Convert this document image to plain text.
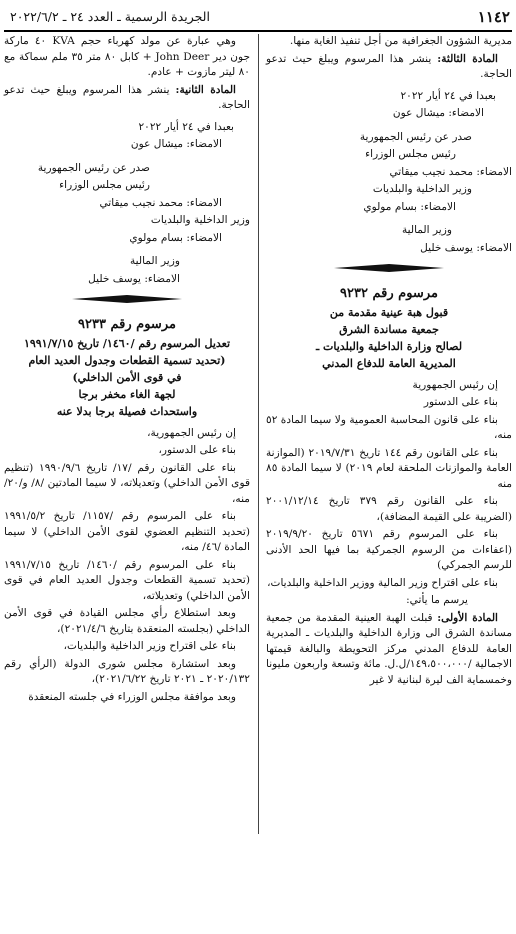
١١٤٢
الجريدة الرسمية ـ العدد ٢٤ ـ ٢٠٢٢/٦/٢

مديرية الشؤون الجغرافية من أجل تنفيذ الغاية منها.

المادة الثالثة: ينشر هذا المرسوم ويبلغ حيث تدعو الحاجة.

بعبدا في ٢٤ أيار ٢٠٢٢

الامضاء: ميشال عون

صدر عن رئيس الجمهورية

رئيس مجلس الوزراء

الامضاء: محمد نجيب ميقاتي

وزير الداخلية والبلديات

الامضاء: بسام مولوي

وزير المالية

الامضاء: يوسف خليل

مرسوم رقم ٩٢٣٢
قبول هبة عينية مقدمة من
جمعية مساندة الشرق
لصالح وزارة الداخلية والبلديات ـ
المديرية العامة للدفاع المدني

إن رئيس الجمهورية

بناء على الدستور

بناء على قانون المحاسبة العمومية ولا سيما المادة ٥٢ منه،

بناء على القانون رقم ١٤٤ تاريخ ٢٠١٩/٧/٣١ (الموازنة العامة والموازنات الملحقة لعام ٢٠١٩) لا سيما المادة ٨٥ منه

بناء على القانون رقم ٣٧٩ تاريخ ٢٠٠١/١٢/١٤ (الضريبة على القيمة المضافة)،

بناء على المرسوم رقم ٥٦٧١ تاريخ ٢٠١٩/٩/٢٠ (اعفاءات من الرسوم الجمركية بما فيها الحد الأدنى للرسم الجمركي)

بناء على اقتراح وزير المالية ووزير الداخلية والبلديات،

يرسم ما يأتي:

المادة الأولى: قبلت الهبة العينية المقدمة من جمعية مساندة الشرق الى وزارة الداخلية والبلديات ـ المديرية العامة للدفاع المدني مركز التحويطة والبالغة قيمتها الاجمالية /١٤٩،٥٠٠،٠٠٠/ل.ل. مائة وتسعة واربعون مليونا وخمسماية الف ليرة لبنانية لا غير

وهي عبارة عن مولد كهرباء حجم KVA ٤٠ ماركة جون دير John Deer + كابل ٨٠ متر ٣٥ ملم سماكة مع ٨٠ ليتر مازوت + عادم.

المادة الثانية: ينشر هذا المرسوم ويبلغ حيث تدعو الحاجة.

بعبدا في ٢٤ أيار ٢٠٢٢

الامضاء: ميشال عون

صدر عن رئيس الجمهورية

رئيس مجلس الوزراء

الامضاء: محمد نجيب ميقاتي

وزير الداخلية والبلديات

الامضاء: بسام مولوي

وزير المالية

الامضاء: يوسف خليل

مرسوم رقم ٩٢٣٣
تعديل المرسوم رقم /١٤٦٠/ تاريخ ١٩٩١/٧/١٥
(تحديد تسمية القطعات وجدول العديد العام
في قوى الأمن الداخلي)
لجهة الغاء مخفر برجا
واستحداث فصيلة برجا بدلا عنه

إن رئيس الجمهورية،

بناء على الدستور،

بناء على القانون رقم /١٧/ تاريخ ١٩٩٠/٩/٦ (تنظيم قوى الأمن الداخلي) وتعديلاته، لا سيما المادتين /٨/ و/٢٠/ منه،

بناء على المرسوم رقم /١١٥٧/ تاريخ ١٩٩١/٥/٢ (تحديد التنظيم العضوي لقوى الأمن الداخلي) لا سيما المادة /٤٦/ منه،

بناء على المرسوم رقم /١٤٦٠/ تاريخ ١٩٩١/٧/١٥ (تحديد تسمية القطعات وجدول العديد العام في قوى الأمن الداخلي) وتعديلاته،

وبعد استطلاع رأي مجلس القيادة في قوى الأمن الداخلي (بجلسته المنعقدة بتاريخ ٢٠٢١/٤/٦)،

بناء على اقتراح وزير الداخلية والبلديات،

وبعد استشارة مجلس شورى الدولة (الرأي رقم ٢٠٢٠/١٣٢ ـ ٢٠٢١ تاريخ ٢٠٢١/٦/٢٢)،

وبعد موافقة مجلس الوزراء في جلسته المنعقدة
